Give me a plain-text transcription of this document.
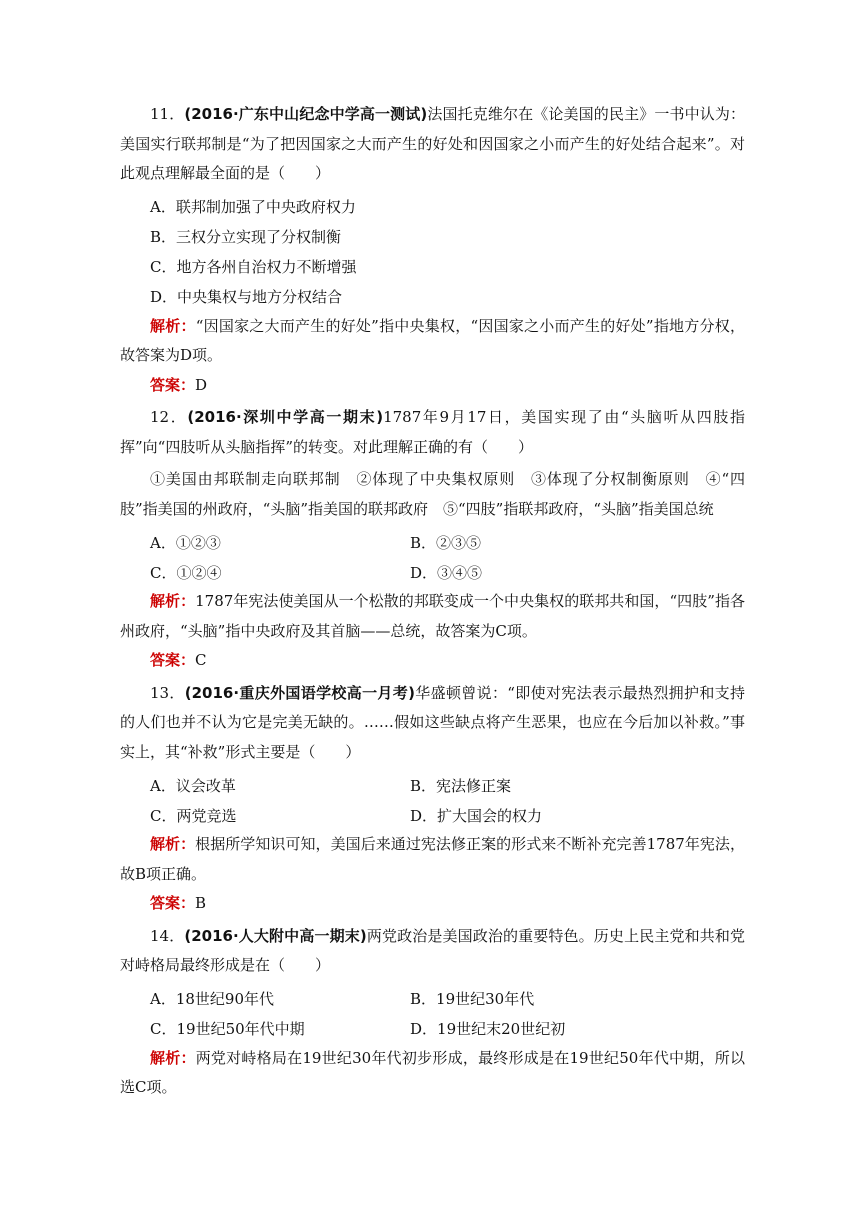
11．(2016·广东中山纪念中学高一测试)法国托克维尔在《论美国的民主》一书中认为：美国实行联邦制是“为了把因国家之大而产生的好处和因国家之小而产生的好处结合起来”。对此观点理解最全面的是（　　）

A．联邦制加强了中央政府权力
B．三权分立实现了分权制衡
C．地方各州自治权力不断增强
D．中央集权与地方分权结合

解析：“因国家之大而产生的好处”指中央集权，“因国家之小而产生的好处”指地方分权，故答案为D项。

答案：D

12．(2016·深圳中学高一期末)1787年9月17日，美国实现了由“头脑听从四肢指挥”向“四肢听从头脑指挥”的转变。对此理解正确的有（　　）

①美国由邦联制走向联邦制　②体现了中央集权原则　③体现了分权制衡原则　④“四肢”指美国的州政府，“头脑”指美国的联邦政府　⑤“四肢”指联邦政府，“头脑”指美国总统

A．①②③	B．②③⑤
C．①②④	D．③④⑤

解析：1787年宪法使美国从一个松散的邦联变成一个中央集权的联邦共和国，“四肢”指各州政府，“头脑”指中央政府及其首脑——总统，故答案为C项。

答案：C

13．(2016·重庆外国语学校高一月考)华盛顿曾说：“即使对宪法表示最热烈拥护和支持的人们也并不认为它是完美无缺的。……假如这些缺点将产生恶果，也应在今后加以补救。”事实上，其“补救”形式主要是（　　）

A．议会改革	B．宪法修正案
C．两党竞选	D．扩大国会的权力

解析：根据所学知识可知，美国后来通过宪法修正案的形式来不断补充完善1787年宪法，故B项正确。

答案：B

14．(2016·人大附中高一期末)两党政治是美国政治的重要特色。历史上民主党和共和党对峙格局最终形成是在（　　）

A．18世纪90年代	B．19世纪30年代
C．19世纪50年代中期	D．19世纪末20世纪初

解析：两党对峙格局在19世纪30年代初步形成，最终形成是在19世纪50年代中期，所以选C项。
